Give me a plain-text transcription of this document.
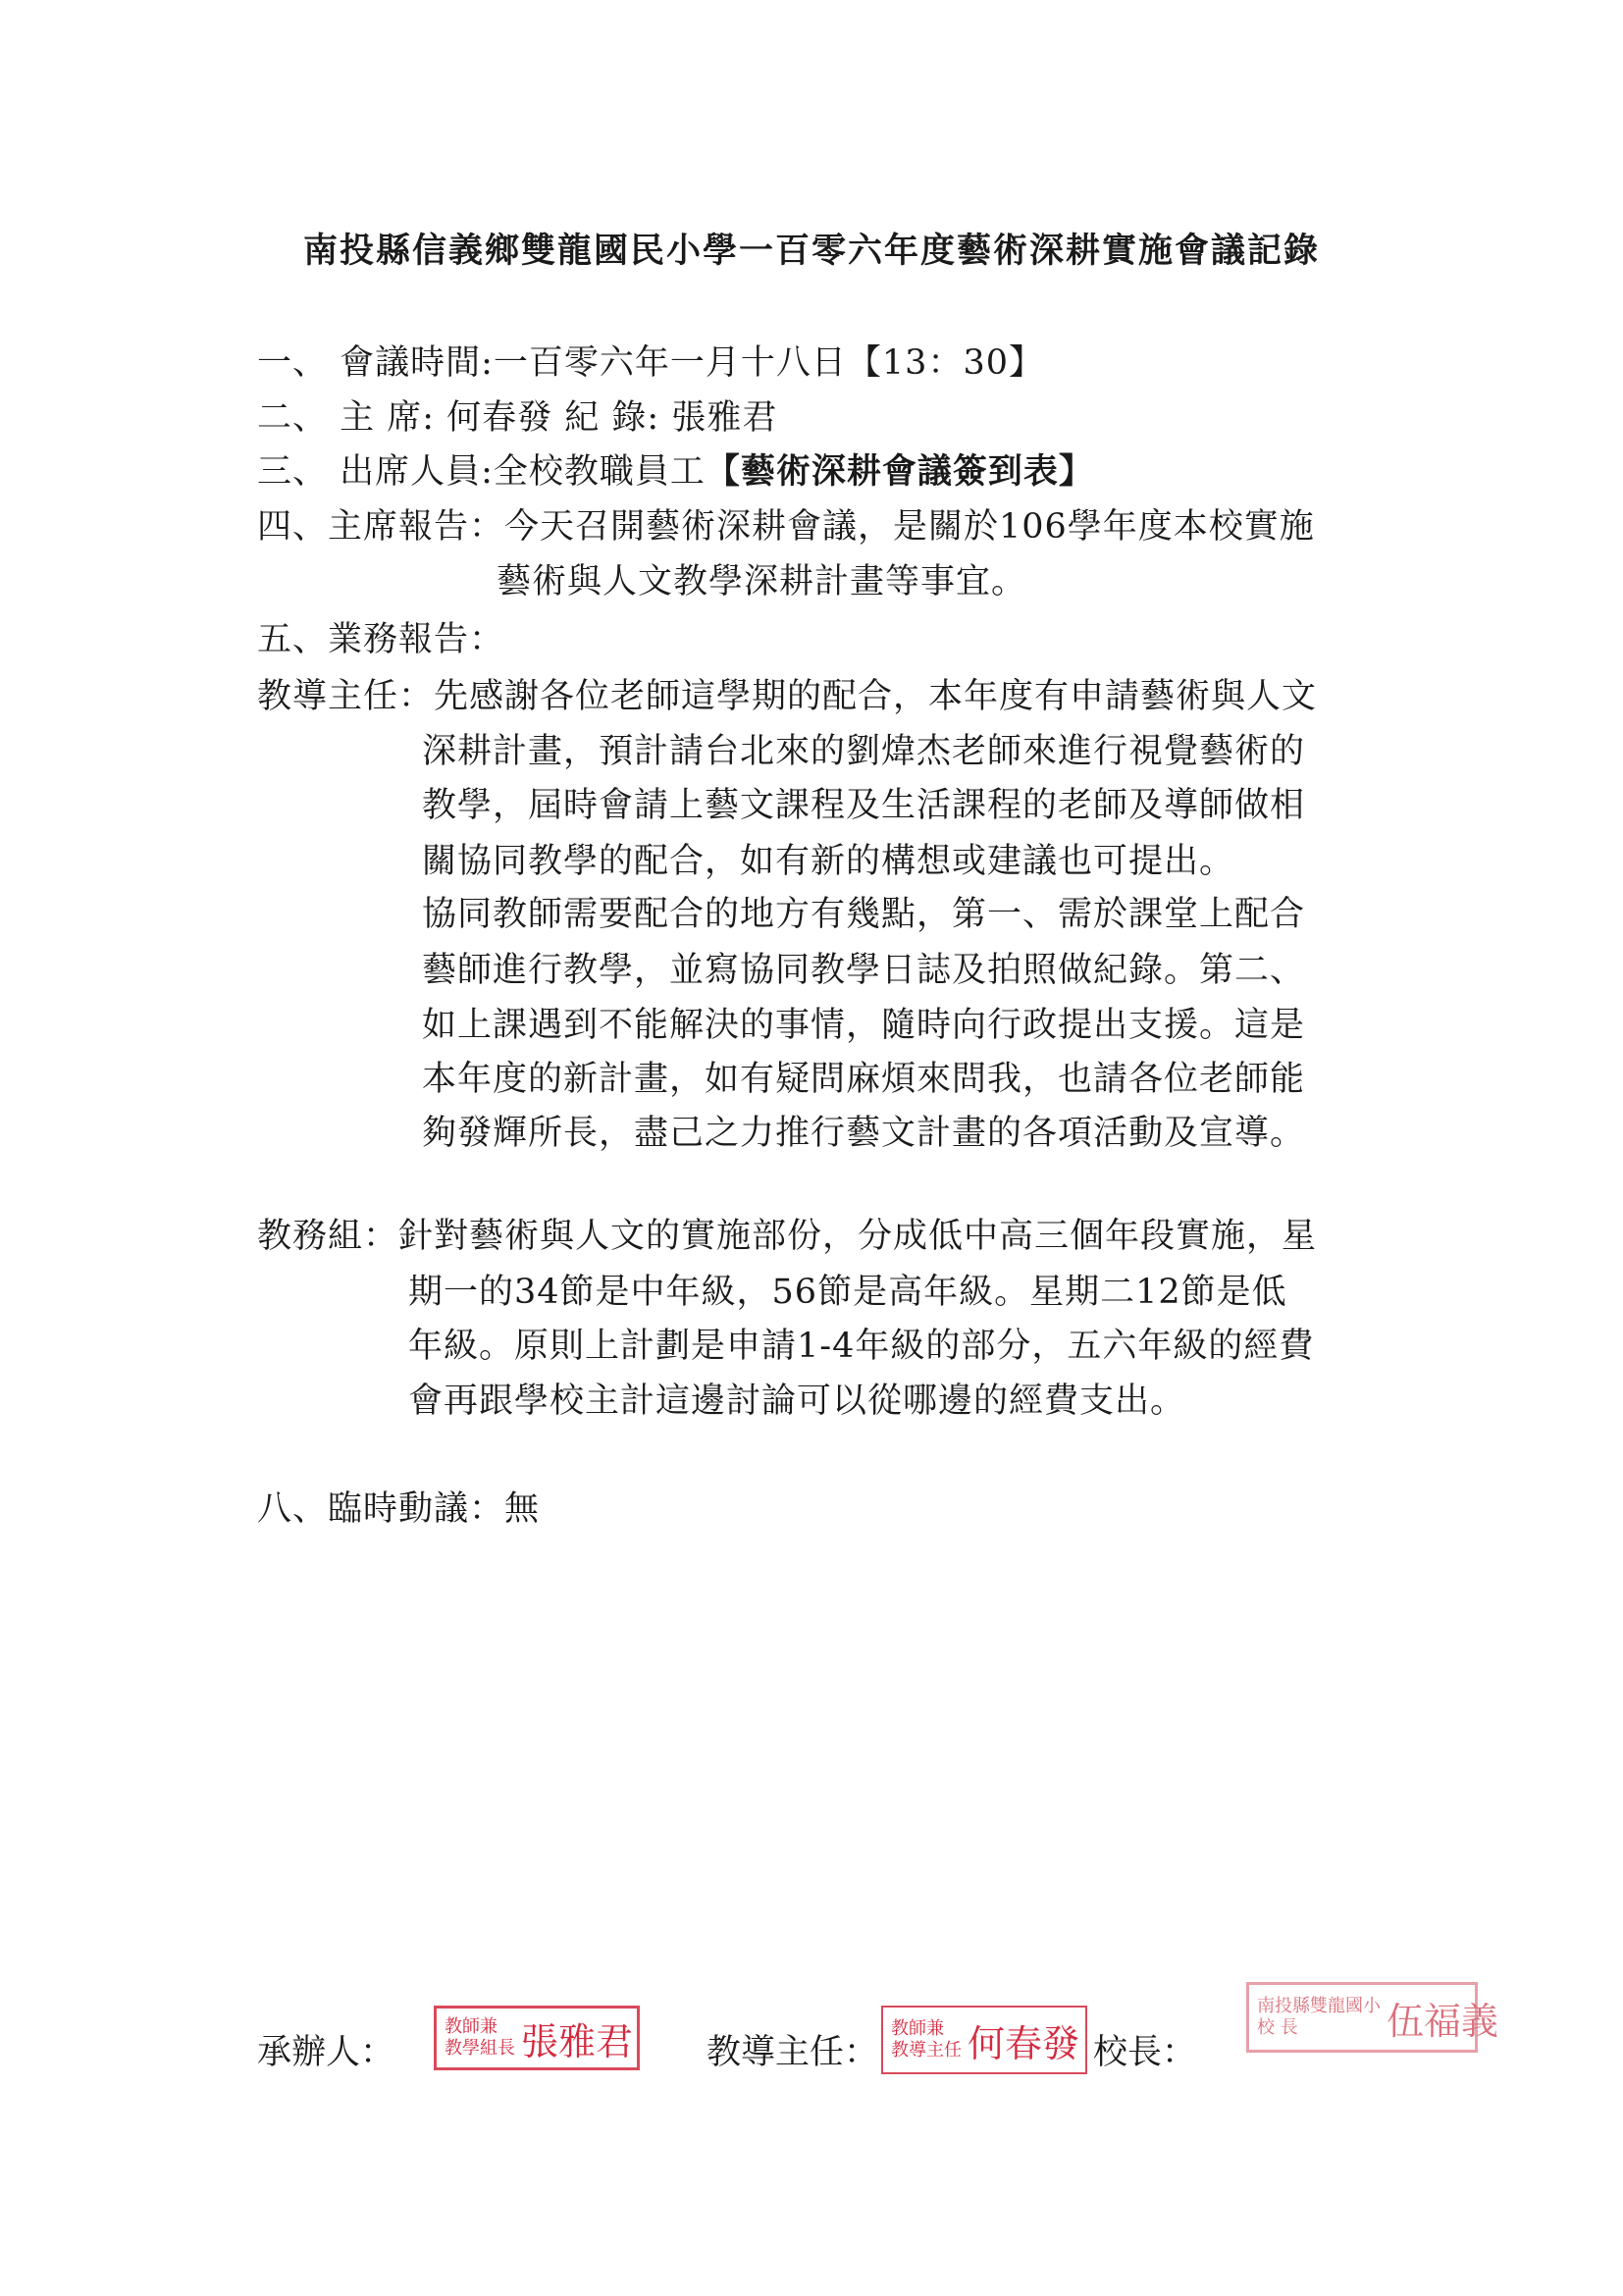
南投縣信義鄉雙龍國民小學一百零六年度藝術深耕實施會議記錄
一、 會議時間:一百零六年一月十八日【13：30】
二、 主 席: 何春發 紀 錄: 張雅君
三、 出席人員:全校教職員工【藝術深耕會議簽到表】
四、主席報告：今天召開藝術深耕會議，是關於106學年度本校實施
藝術與人文教學深耕計畫等事宜。
五、業務報告：
教導主任：先感謝各位老師這學期的配合，本年度有申請藝術與人文
深耕計畫，預計請台北來的劉煒杰老師來進行視覺藝術的
教學，屆時會請上藝文課程及生活課程的老師及導師做相
關協同教學的配合，如有新的構想或建議也可提出。
協同教師需要配合的地方有幾點，第一、需於課堂上配合
藝師進行教學，並寫協同教學日誌及拍照做紀錄。第二、
如上課遇到不能解決的事情，隨時向行政提出支援。這是
本年度的新計畫，如有疑問麻煩來問我，也請各位老師能
夠發輝所長，盡己之力推行藝文計畫的各項活動及宣導。
教務組：針對藝術與人文的實施部份，分成低中高三個年段實施，星
期一的34節是中年級，56節是高年級。星期二12節是低
年級。原則上計劃是申請1-4年級的部分，五六年級的經費
會再跟學校主計這邊討論可以從哪邊的經費支出。
八、臨時動議：無
承辦人：
教師兼
教學組長 張雅君 教導主任：
教師兼
教導主任 何春發 校長：
南投縣雙龍國小
校 長	伍福義
